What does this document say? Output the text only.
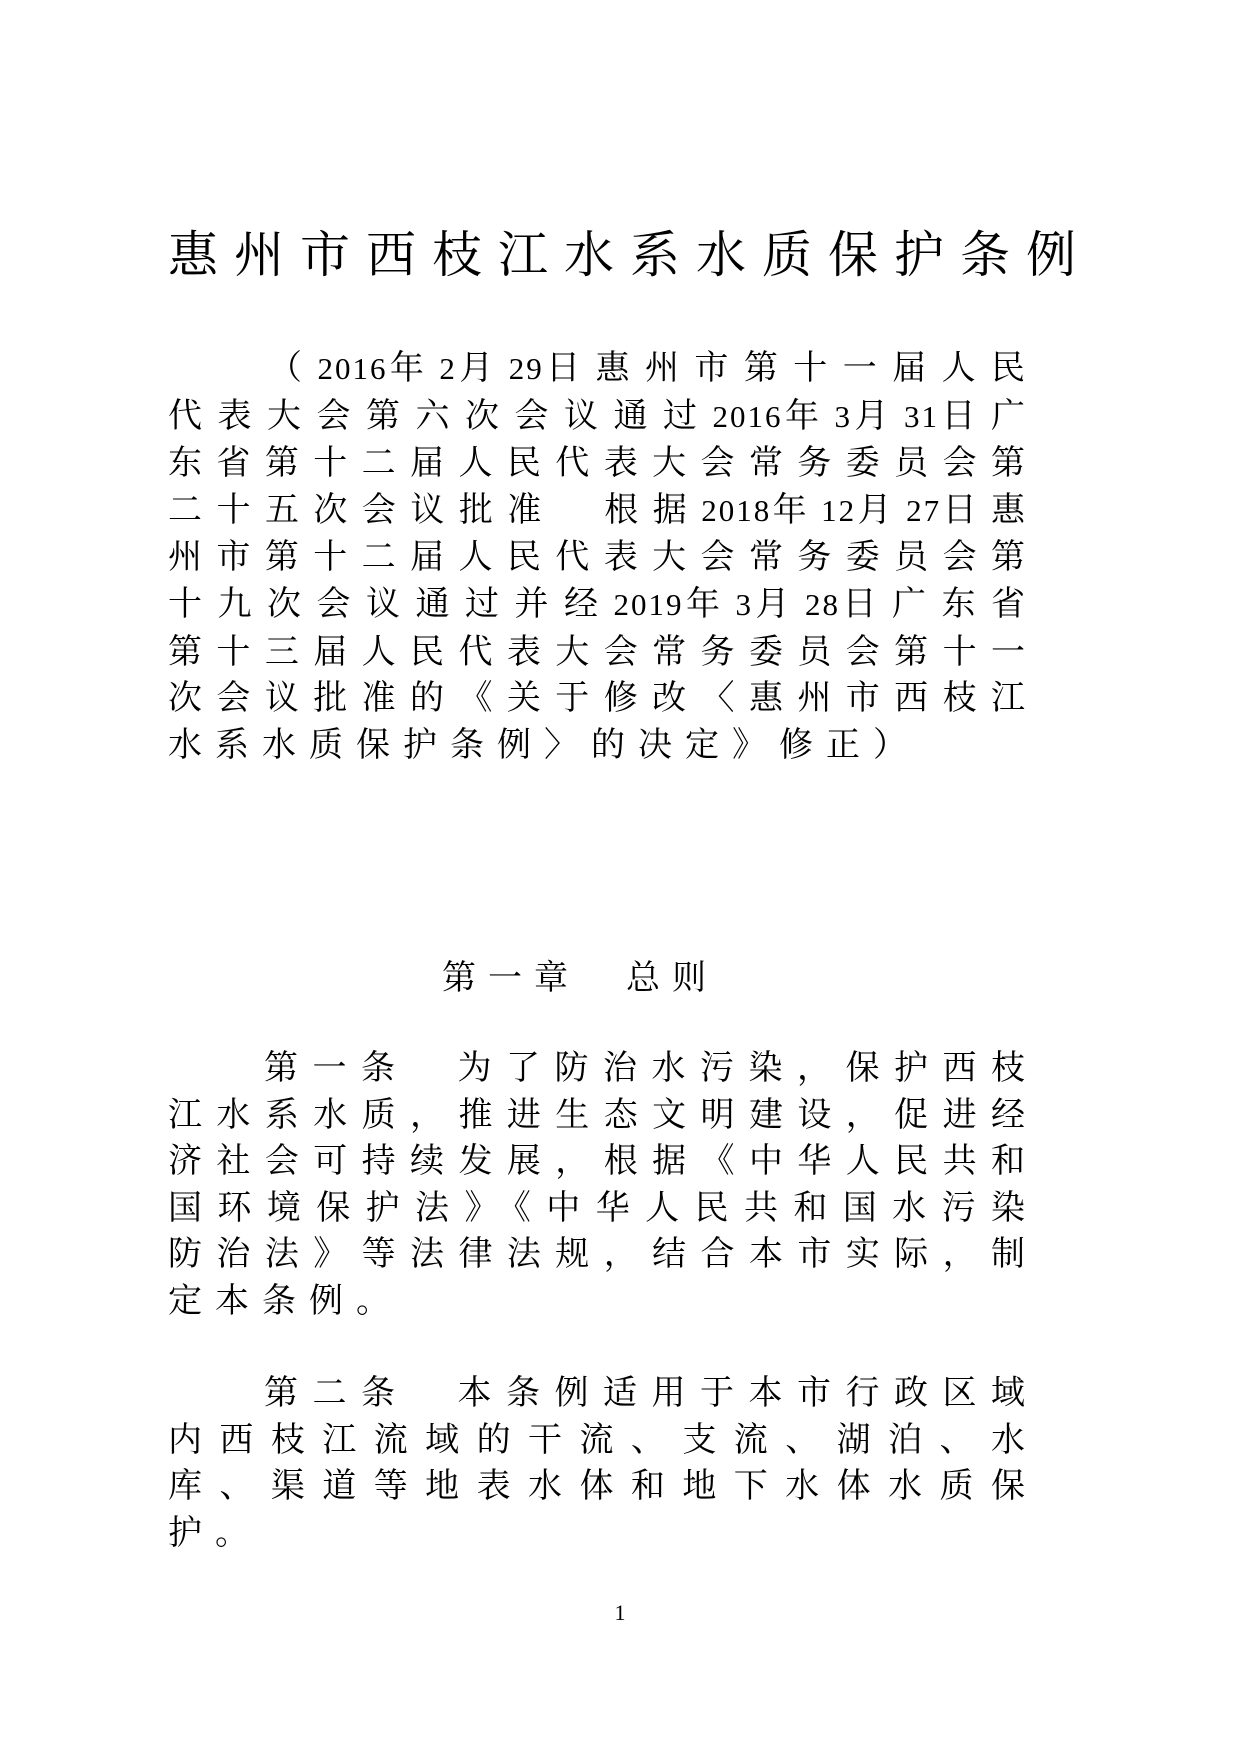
惠州市西枝江水系水质保护条例

（2016年2月29日惠州市第十一届人民代表大会第六次会议通过2016年3月31日广东省第十二届人民代表大会常务委员会第二十五次会议批准　根据2018年12月27日惠州市第十二届人民代表大会常务委员会第十九次会议通过并经2019年3月28日广东省第十三届人民代表大会常务委员会第十一次会议批准的《关于修改〈惠州市西枝江水系水质保护条例〉的决定》修正）

第一章　总则

第一条 为了防治水污染，保护西枝江水系水质，推进生态文明建设，促进经济社会可持续发展，根据《中华人民共和国环境保护法》《中华人民共和国水污染防治法》等法律法规，结合本市实际，制定本条例。

第二条 本条例适用于本市行政区域内西枝江流域的干流、支流、湖泊、水库、渠道等地表水体和地下水体水质保护。

1
